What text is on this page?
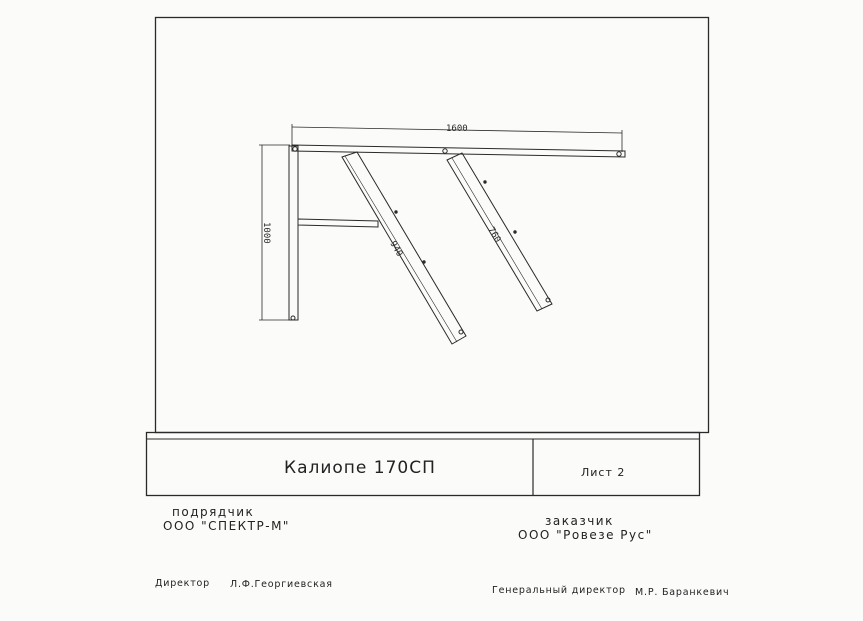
1600
1000
940
760
Калиопе 170СП	Лист 2
подрядчик
ООО "СПЕКТР-М"	заказчик
ООО "Ровезе Рус"
Директор Л.Ф.Георгиевская
Генеральный директор М.Р. Баранкевич
